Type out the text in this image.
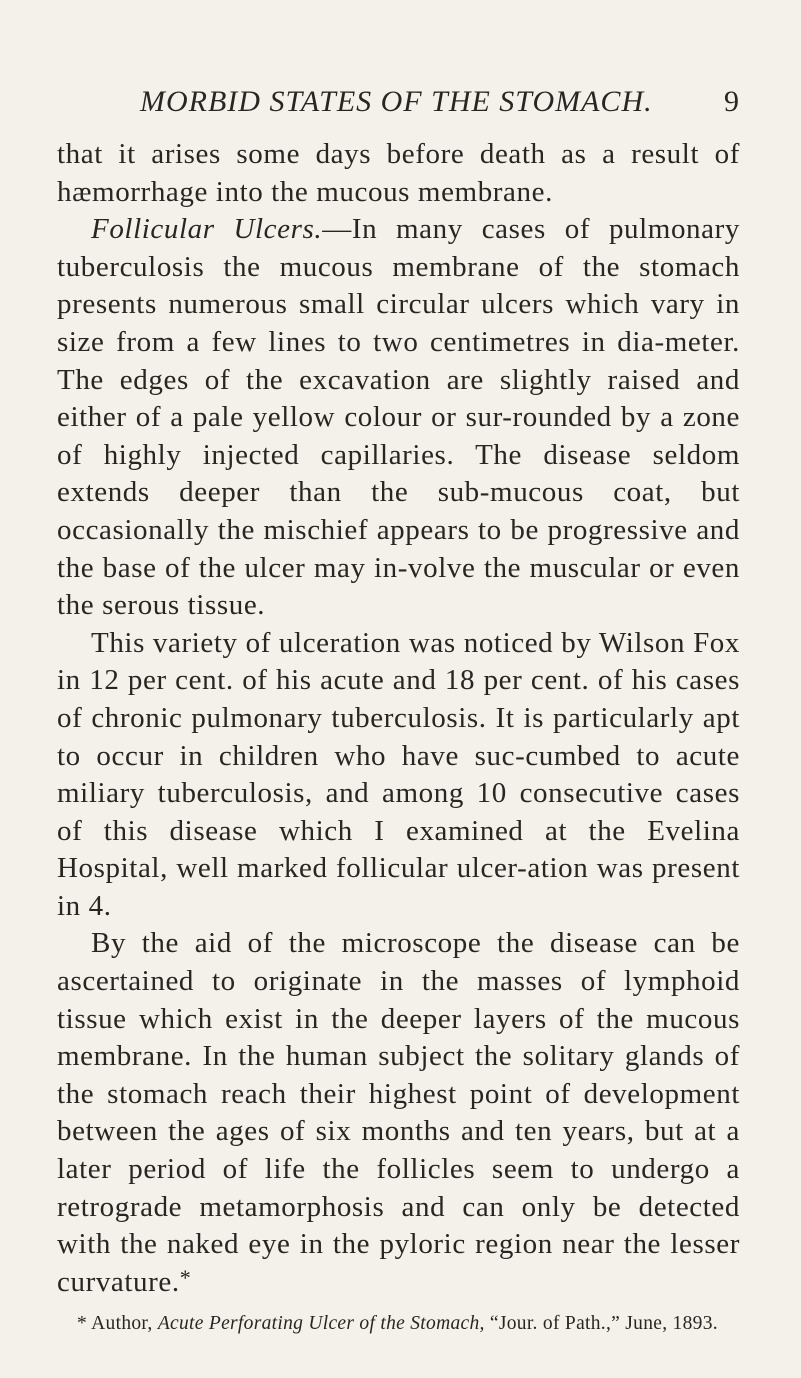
MORBID STATES OF THE STOMACH. 9

that it arises some days before death as a result of hæmorrhage into the mucous membrane.

Follicular Ulcers.—In many cases of pulmonary tuberculosis the mucous membrane of the stomach presents numerous small circular ulcers which vary in size from a few lines to two centimetres in dia-meter. The edges of the excavation are slightly raised and either of a pale yellow colour or sur-rounded by a zone of highly injected capillaries. The disease seldom extends deeper than the sub-mucous coat, but occasionally the mischief appears to be progressive and the base of the ulcer may in-volve the muscular or even the serous tissue.

This variety of ulceration was noticed by Wilson Fox in 12 per cent. of his acute and 18 per cent. of his cases of chronic pulmonary tuberculosis. It is particularly apt to occur in children who have suc-cumbed to acute miliary tuberculosis, and among 10 consecutive cases of this disease which I examined at the Evelina Hospital, well marked follicular ulcer-ation was present in 4.

By the aid of the microscope the disease can be ascertained to originate in the masses of lymphoid tissue which exist in the deeper layers of the mucous membrane. In the human subject the solitary glands of the stomach reach their highest point of development between the ages of six months and ten years, but at a later period of life the follicles seem to undergo a retrograde metamorphosis and can only be detected with the naked eye in the pyloric region near the lesser curvature.*

* Author, Acute Perforating Ulcer of the Stomach, “Jour. of Path.,” June, 1893.
